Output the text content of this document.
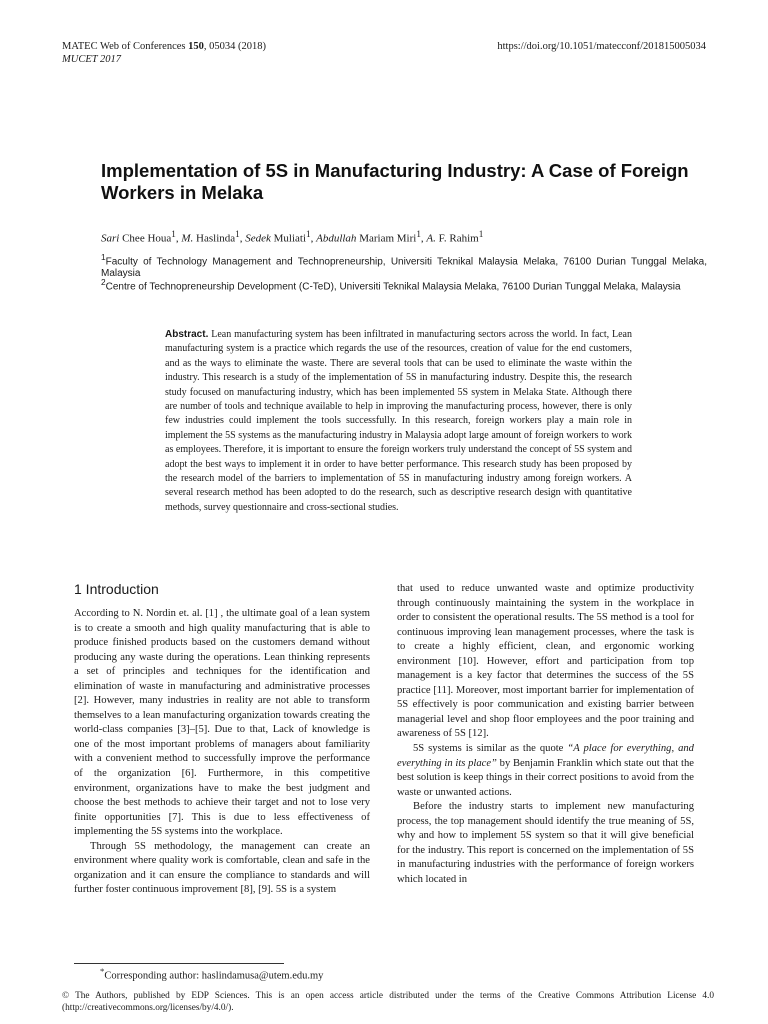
MATEC Web of Conferences 150, 05034 (2018)
MUCET 2017
https://doi.org/10.1051/matecconf/201815005034
Implementation of 5S in Manufacturing Industry: A Case of Foreign Workers in Melaka
Sari Chee Houa$^1$, M. Haslinda$^1$, Sedek Muliati$^1$, Abdullah Mariam Miri$^1$, A. F. Rahim$^1$
$^1$Faculty of Technology Management and Technopreneurship, Universiti Teknikal Malaysia Melaka, 76100 Durian Tunggal Melaka, Malaysia
$^2$Centre of Technopreneurship Development (C-TeD), Universiti Teknikal Malaysia Melaka, 76100 Durian Tunggal Melaka, Malaysia
Abstract. Lean manufacturing system has been infiltrated in manufacturing sectors across the world. In fact, Lean manufacturing system is a practice which regards the use of the resources, creation of value for the end customers, and as the ways to eliminate the waste. There are several tools that can be used to eliminate the waste within the industry. This research is a study of the implementation of 5S in manufacturing industry. Despite this, the research study focused on manufacturing industry, which has been implemented 5S system in Melaka State. Although there are number of tools and technique available to help in improving the manufacturing process, however, there is only few industries could implement the tools successfully. In this research, foreign workers play a main role in implement the 5S systems as the manufacturing industry in Malaysia adopt large amount of foreign workers to work as employees. Therefore, it is important to ensure the foreign workers truly understand the concept of 5S system and adopt the best ways to implement it in order to have better performance. This research study has been proposed by the research model of the barriers to implementation of 5S in manufacturing industry among foreign workers. A several research method has been adopted to do the research, such as descriptive research design with quantitative methods, survey questionnaire and cross-sectional studies.
1 Introduction

According to N. Nordin et. al. [1] , the ultimate goal of a lean system is to create a smooth and high quality manufacturing that is able to produce finished products based on the customers demand without producing any waste during the operations. Lean thinking represents a set of principles and techniques for the identification and elimination of waste in manufacturing and administrative processes [2]. However, many industries in reality are not able to transform themselves to a lean manufacturing organization towards creating the world-class companies [3]–[5]. Due to that, Lack of knowledge is one of the most important problems of managers about familiarity with a convenient method to successfully improve the performance of the organization [6]. Furthermore, in this competitive environment, organizations have to make the best judgment and choose the best methods to achieve their target and not to lose very finite opportunities [7]. This is due to less effectiveness of implementing the 5S systems into the workplace.

Through 5S methodology, the management can create an environment where quality work is comfortable, clean and safe in the organization and it can ensure the compliance to standards and will further foster continuous improvement [8], [9]. 5S is a system

that used to reduce unwanted waste and optimize productivity through continuously maintaining the system in the workplace in order to consistent the operational results. The 5S method is a tool for continuous improving lean management processes, where the task is to create a highly efficient, clean, and ergonomic working environment [10]. However, effort and participation from top management is a key factor that determines the success of the 5S practice [11]. Moreover, most important barrier for implementation of 5S effectively is poor communication and existing barrier between managerial level and shop floor employees and the poor training and awareness of 5S [12].

5S systems is similar as the quote “A place for everything, and everything in its place” by Benjamin Franklin which state out that the best solution is keep things in their correct positions to avoid from the waste or unwanted actions.

Before the industry starts to implement new manufacturing process, the top management should identify the true meaning of 5S, why and how to implement 5S system so that it will give beneficial for the industry. This report is concerned on the implementation of 5S in manufacturing industries with the performance of foreign workers which located in

*Corresponding author: haslindamusa@utem.edu.my
© The Authors, published by EDP Sciences. This is an open access article distributed under the terms of the Creative Commons Attribution License 4.0 (http://creativecommons.org/licenses/by/4.0/).
